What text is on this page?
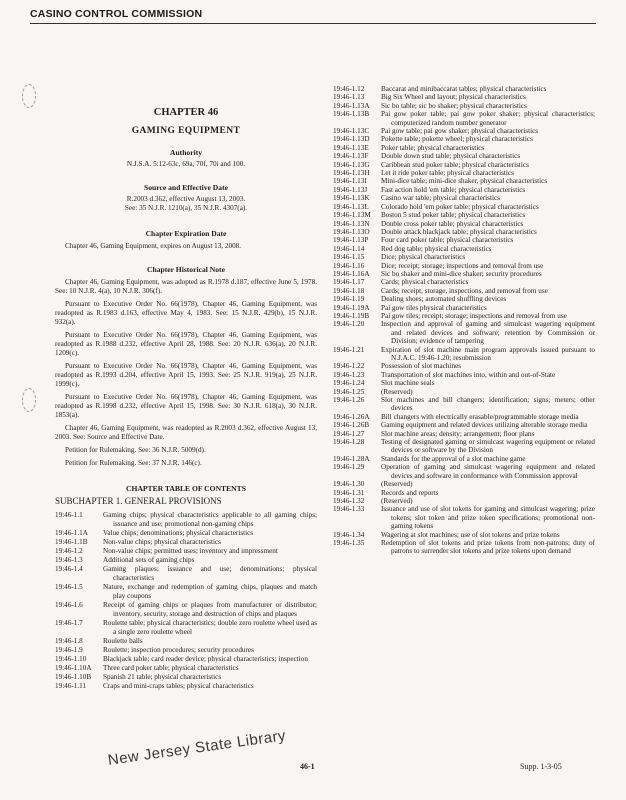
CASINO CONTROL COMMISSION
CHAPTER 46
GAMING EQUIPMENT
Authority
N.J.S.A. 5:12-63c, 69a, 70f, 70i and 100.
Source and Effective Date
R.2003 d.362, effective August 13, 2003.
See: 35 N.J.R. 1210(a), 35 N.J.R. 4307(a).
Chapter Expiration Date
Chapter 46, Gaming Equipment, expires on August 13, 2008.
Chapter Historical Note
Chapter 46, Gaming Equipment, was adopted as R.1978 d.187, effective June 5, 1978. See: 10 N.J.R. 4(a), 10 N.J.R. 306(f).
Pursuant to Executive Order No. 66(1978), Chapter 46, Gaming Equipment, was readopted as R.1983 d.163, effective May 4, 1983. See: 15 N.J.R. 429(b), 15 N.J.R. 932(a).
Pursuant to Executive Order No. 66(1978), Chapter 46, Gaming Equipment, was readopted as R.1988 d.232, effective April 28, 1988. See: 20 N.J.R. 636(a), 20 N.J.R. 1209(c).
Pursuant to Executive Order No. 66(1978), Chapter 46, Gaming Equipment, was readopted as R.1993 d.204, effective April 15, 1993. See: 25 N.J.R. 919(a), 25 N.J.R. 1999(c).
Pursuant to Executive Order No. 66(1978), Chapter 46, Gaming Equipment, was readopted as R.1998 d.232, effective April 15, 1998. See: 30 N.J.R. 618(a), 30 N.J.R. 1853(a).
Chapter 46, Gaming Equipment, was readopted as R.2003 d.362, effective August 13, 2003. See: Source and Effective Date.
Petition for Rulemaking. See: 36 N.J.R. 5009(d).
Petition for Rulemaking. See: 37 N.J.R. 146(c).
CHAPTER TABLE OF CONTENTS
SUBCHAPTER 1. GENERAL PROVISIONS
19:46-1.1	Gaming chips; physical characteristics applicable to all gaming chips; issuance and use; promotional non-gaming chips
19:46-1.1A	Value chips; denominations; physical characteristics
19:46-1.1B	Non-value chips; physical characteristics
19:46-1.2	Non-value chips; permitted uses; inventory and impressment
19:46-1.3	Additional sets of gaming chips
19:46-1.4	Gaming plaques; issuance and use; denominations; physical characteristics
19:46-1.5	Nature, exchange and redemption of gaming chips, plaques and match play coupons
19:46-1.6	Receipt of gaming chips or plaques from manufacturer or distributor; inventory, security, storage and destruction of chips and plaques
19:46-1.7	Roulette table; physical characteristics; double zero roulette wheel used as a single zero roulette wheel
19:46-1.8	Roulette balls
19:46-1.9	Roulette; inspection procedures; security procedures
19:46-1.10	Blackjack table; card reader device; physical characteristics; inspection
19:46-1.10A	Three card poker table; physical characteristics
19:46-1.10B	Spanish 21 table; physical characteristics
19:46-1.11	Craps and mini-craps tables; physical characteristics
19:46-1.12	Baccarat and minibaccarat tables; physical characteristics
19:46-1.13	Big Six Wheel and layout; physical characteristics
19:46-1.13A	Sic bo table; sic bo shaker; physical characteristics
19:46-1.13B	Pai gow poker table; pai gow poker shaker; physical characteristics; computerized random number generator
19:46-1.13C	Pai gow table; pai gow shaker; physical characteristics
19:46-1.13D	Pokette table; pokette wheel; physical characteristics
19:46-1.13E	Poker table; physical characteristics
19:46-1.13F	Double down stud table; physical characteristics
19:46-1.13G	Caribbean stud poker table; physical characteristics
19:46-1.13H	Let it ride poker table; physical characteristics
19:46-1.13I	Mini-dice table; mini-dice shaker, physical characteristics
19:46-1.13J	Fast action hold 'em table; physical characteristics
19:46-1.13K	Casino war table; physical characteristics
19:46-1.13L	Colorado hold 'em poker table; physical characteristics
19:46-1.13M	Boston 5 stud poker table; physical characteristics
19:46-1.13N	Double cross poker table; physical characteristics
19:46-1.13O	Double attack blackjack table; physical characteristics
19:46-1.13P	Four card poker table; physical characteristics
19:46-1.14	Red dog table; physical characteristics
19:46-1.15	Dice; physical characteristics
19:46-1.16	Dice; receipt; storage; inspections and removal from use
19:46-1.16A	Sic bo shaker and mini-dice shaker; security procedures
19:46-1.17	Cards; physical characteristics
19:46-1.18	Cards; receipt, storage, inspections, and removal from use
19:46-1.19	Dealing shoes; automated shuffling devices
19:46-1.19A	Pai gow tiles physical characteristics
19:46-1.19B	Pai gow tiles; receipt; storage; inspections and removal from use
19:46-1.20	Inspection and approval of gaming and simulcast wagering equipment and related devices and software; retention by Commission or Division; evidence of tampering
19:46-1.21	Expiration of slot machine main program approvals issued pursuant to N.J.A.C. 19:46-1.20; resubmission
19:46-1.22	Possession of slot machines
19:46-1.23	Transportation of slot machines into, within and out-of-State
19:46-1.24	Slot machine seals
19:46-1.25	(Reserved)
19:46-1.26	Slot machines and bill changers; identification; signs; meters; other devices
19:46-1.26A	Bill changers with electrically erasable/programmable storage media
19:46-1.26B	Gaming equipment and related devices utilizing alterable storage media
19:46-1.27	Slot machine areas; density; arrangement; floor plans
19:46-1.28	Testing of designated gaming or simulcast wagering equipment or related devices or software by the Division
19:46-1.28A	Standards for the approval of a slot machine game
19:46-1.29	Operation of gaming and simulcast wagering equipment and related devices and software in conformance with Commission approval
19:46-1.30	(Reserved)
19:46-1.31	Records and reports
19:46-1.32	(Reserved)
19:46-1.33	Issuance and use of slot tokens for gaming and simulcast wagering; prize tokens; slot token and prize token specifications; promotional non-gaming tokens
19:46-1.34	Wagering at slot machines; use of slot tokens and prize tokens
19:46-1.35	Redemption of slot tokens and prize tokens from non-patrons; duty of patrons to surrender slot tokens and prize tokens upon demand
New Jersey State Library 46-1	Supp. 1-3-05
